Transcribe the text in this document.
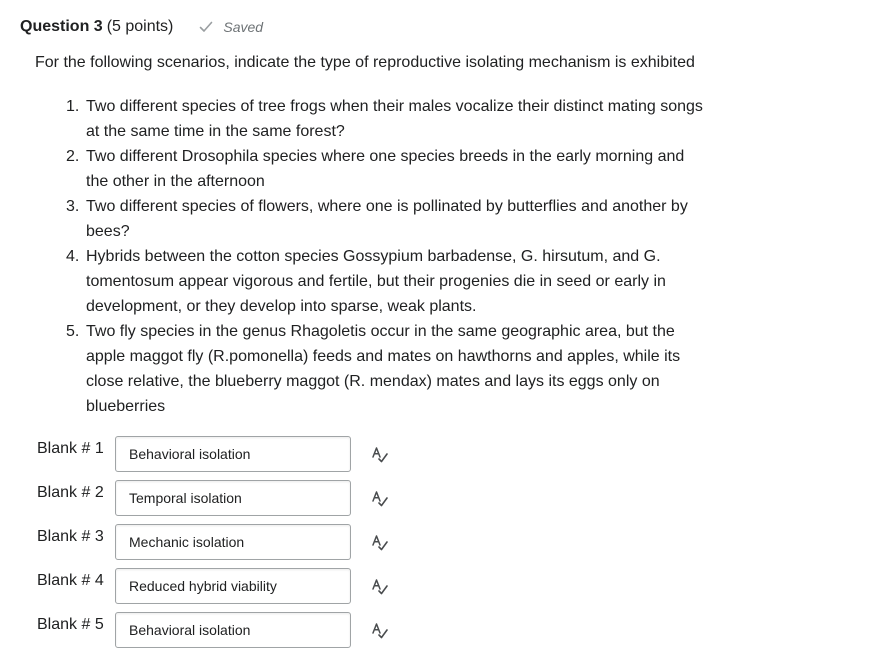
Question 3 (5 points)	Saved
For the following scenarios, indicate the type of reproductive isolating mechanism is exhibited
1. Two different species of tree frogs when their males vocalize their distinct mating songs
at the same time in the same forest?
2. Two different Drosophila species where one species breeds in the early morning and
the other in the afternoon
3. Two different species of flowers, where one is pollinated by butterflies and another by
bees?
4. Hybrids between the cotton species Gossypium barbadense, G. hirsutum, and G.
tomentosum appear vigorous and fertile, but their progenies die in seed or early in
development, or they develop into sparse, weak plants.
5. Two fly species in the genus Rhagoletis occur in the same geographic area, but the
apple maggot fly (R.pomonella) feeds and mates on hawthorns and apples, while its
close relative, the blueberry maggot (R. mendax) mates and lays its eggs only on
blueberries
Blank # 1	Behavioral isolation
Blank # 2	Temporal isolation
Blank # 3	Mechanic isolation
Blank # 4	Reduced hybrid viability
Blank # 5	Behavioral isolation
